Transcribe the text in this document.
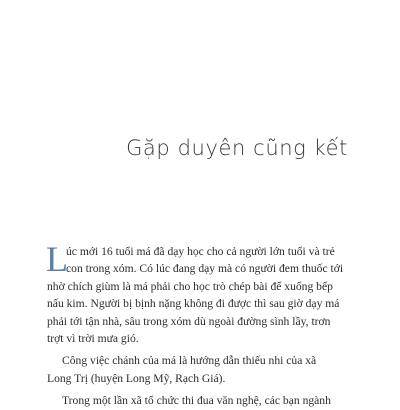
Gặp duyên cũng kết
L
úc mới 16 tuổi má đã dạy học cho cả người lớn tuổi và trẻ
con trong xóm. Có lúc đang dạy mà có người đem thuốc tới
nhờ chích giùm là má phải cho học trò chép bài để xuống bếp
nấu kim. Người bị bịnh nặng không đi được thì sau giờ dạy má
phải tới tận nhà, sâu trong xóm dù ngoài đường sình lầy, trơn
trợt vì trời mưa gió.
Công việc chánh của má là hướng dẫn thiếu nhi của xã
Long Trị (huyện Long Mỹ, Rạch Giá).
Trong một lần xã tổ chức thi đua văn nghệ, các bạn ngành
